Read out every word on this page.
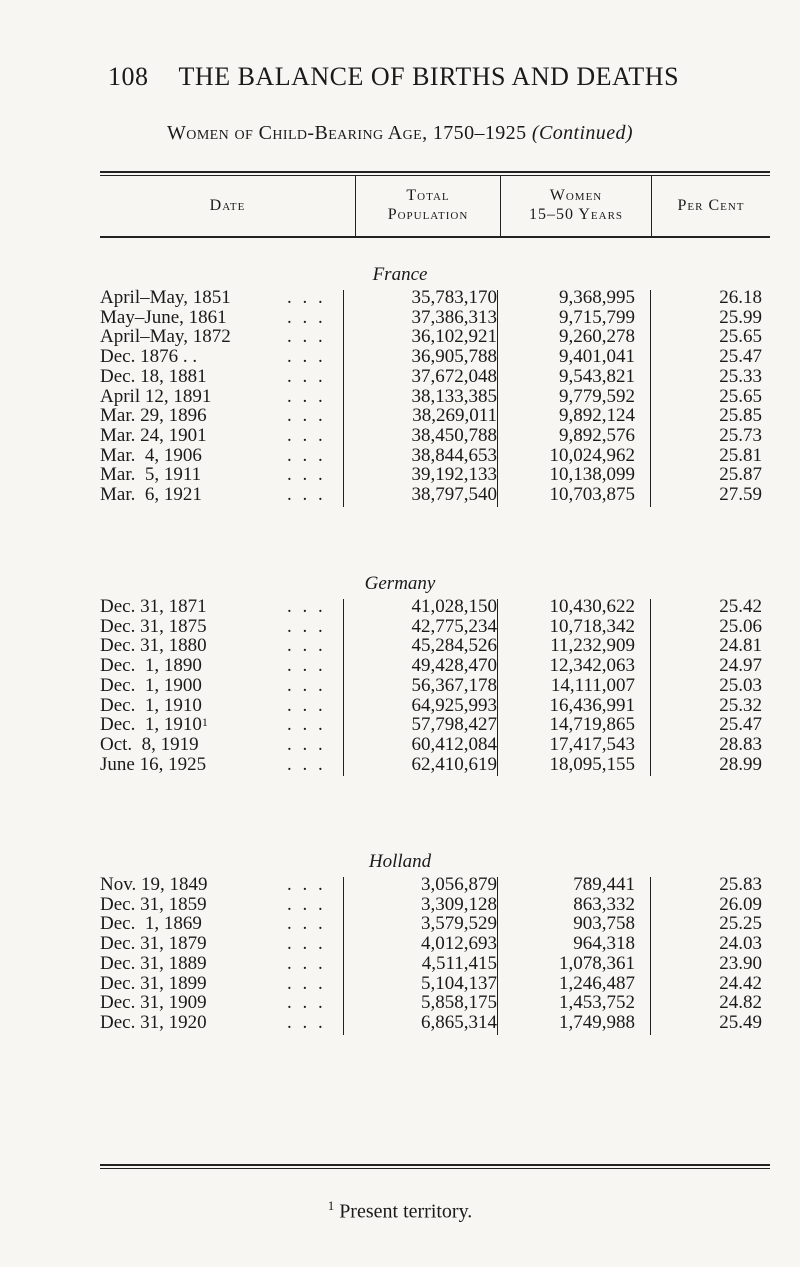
108 THE BALANCE OF BIRTHS AND DEATHS
Women of Child-Bearing Age, 1750–1925 (Continued)
Date
Total
Population
Women
15–50 Years
Per Cent
France
April–May, 1851	. . .	35,783,170	9,368,995	26.18
May–June, 1861	. . .	37,386,313	9,715,799	25.99
April–May, 1872	. . .	36,102,921	9,260,278	25.65
Dec. 1876 . .	. . .	36,905,788	9,401,041	25.47
Dec. 18, 1881	. . .	37,672,048	9,543,821	25.33
April 12, 1891	. . .	38,133,385	9,779,592	25.65
Mar. 29, 1896	. . .	38,269,011	9,892,124	25.85
Mar. 24, 1901	. . .	38,450,788	9,892,576	25.73
Mar.  4, 1906	. . .	38,844,653	10,024,962	25.81
Mar.  5, 1911	. . .	39,192,133	10,138,099	25.87
Mar.  6, 1921	. . .	38,797,540	10,703,875	27.59
Germany
Dec. 31, 1871	. . .	41,028,150	10,430,622	25.42
Dec. 31, 1875	. . .	42,775,234	10,718,342	25.06
Dec. 31, 1880	. . .	45,284,526	11,232,909	24.81
Dec.  1, 1890	. . .	49,428,470	12,342,063	24.97
Dec.  1, 1900	. . .	56,367,178	14,111,007	25.03
Dec.  1, 1910	. . .	64,925,993	16,436,991	25.32
Dec.  1, 1910$^1$	. . .	57,798,427	14,719,865	25.47
Oct.  8, 1919	. . .	60,412,084	17,417,543	28.83
June 16, 1925	. . .	62,410,619	18,095,155	28.99
Holland
Nov. 19, 1849	. . .	3,056,879	789,441	25.83
Dec. 31, 1859	. . .	3,309,128	863,332	26.09
Dec.  1, 1869	. . .	3,579,529	903,758	25.25
Dec. 31, 1879	. . .	4,012,693	964,318	24.03
Dec. 31, 1889	. . .	4,511,415	1,078,361	23.90
Dec. 31, 1899	. . .	5,104,137	1,246,487	24.42
Dec. 31, 1909	. . .	5,858,175	1,453,752	24.82
Dec. 31, 1920	. . .	6,865,314	1,749,988	25.49
$^1$ Present territory.
